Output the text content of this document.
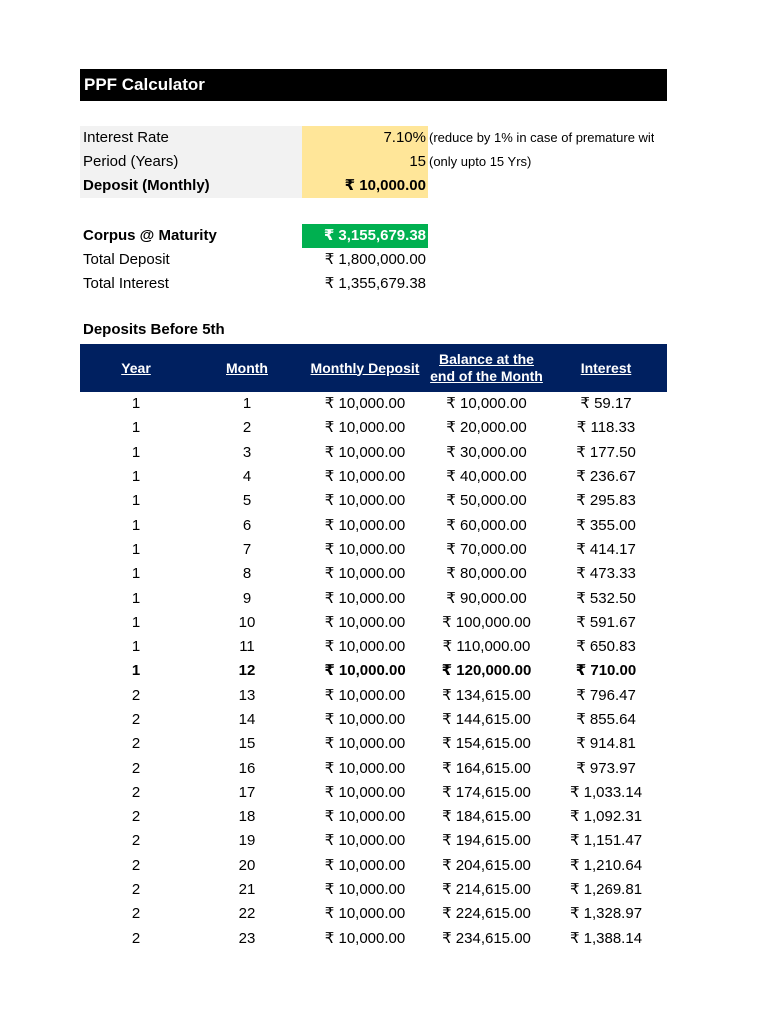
PPF Calculator
Interest Rate	7.10% (reduce by 1% in case of premature wit
Period (Years)	15 (only upto 15 Yrs)
Deposit (Monthly)	₹ 10,000.00
Corpus @ Maturity	₹ 3,155,679.38
Total Deposit	₹ 1,800,000.00
Total Interest	₹ 1,355,679.38
Deposits Before 5th
Year	Month	Monthly Deposit	Balance at the end of the Month	Interest
1	1	₹ 10,000.00	₹ 10,000.00	₹ 59.17
1	2	₹ 10,000.00	₹ 20,000.00	₹ 118.33
1	3	₹ 10,000.00	₹ 30,000.00	₹ 177.50
1	4	₹ 10,000.00	₹ 40,000.00	₹ 236.67
1	5	₹ 10,000.00	₹ 50,000.00	₹ 295.83
1	6	₹ 10,000.00	₹ 60,000.00	₹ 355.00
1	7	₹ 10,000.00	₹ 70,000.00	₹ 414.17
1	8	₹ 10,000.00	₹ 80,000.00	₹ 473.33
1	9	₹ 10,000.00	₹ 90,000.00	₹ 532.50
1	10	₹ 10,000.00	₹ 100,000.00	₹ 591.67
1	11	₹ 10,000.00	₹ 110,000.00	₹ 650.83
1	12	₹ 10,000.00	₹ 120,000.00	₹ 710.00
2	13	₹ 10,000.00	₹ 134,615.00	₹ 796.47
2	14	₹ 10,000.00	₹ 144,615.00	₹ 855.64
2	15	₹ 10,000.00	₹ 154,615.00	₹ 914.81
2	16	₹ 10,000.00	₹ 164,615.00	₹ 973.97
2	17	₹ 10,000.00	₹ 174,615.00	₹ 1,033.14
2	18	₹ 10,000.00	₹ 184,615.00	₹ 1,092.31
2	19	₹ 10,000.00	₹ 194,615.00	₹ 1,151.47
2	20	₹ 10,000.00	₹ 204,615.00	₹ 1,210.64
2	21	₹ 10,000.00	₹ 214,615.00	₹ 1,269.81
2	22	₹ 10,000.00	₹ 224,615.00	₹ 1,328.97
2	23	₹ 10,000.00	₹ 234,615.00	₹ 1,388.14
